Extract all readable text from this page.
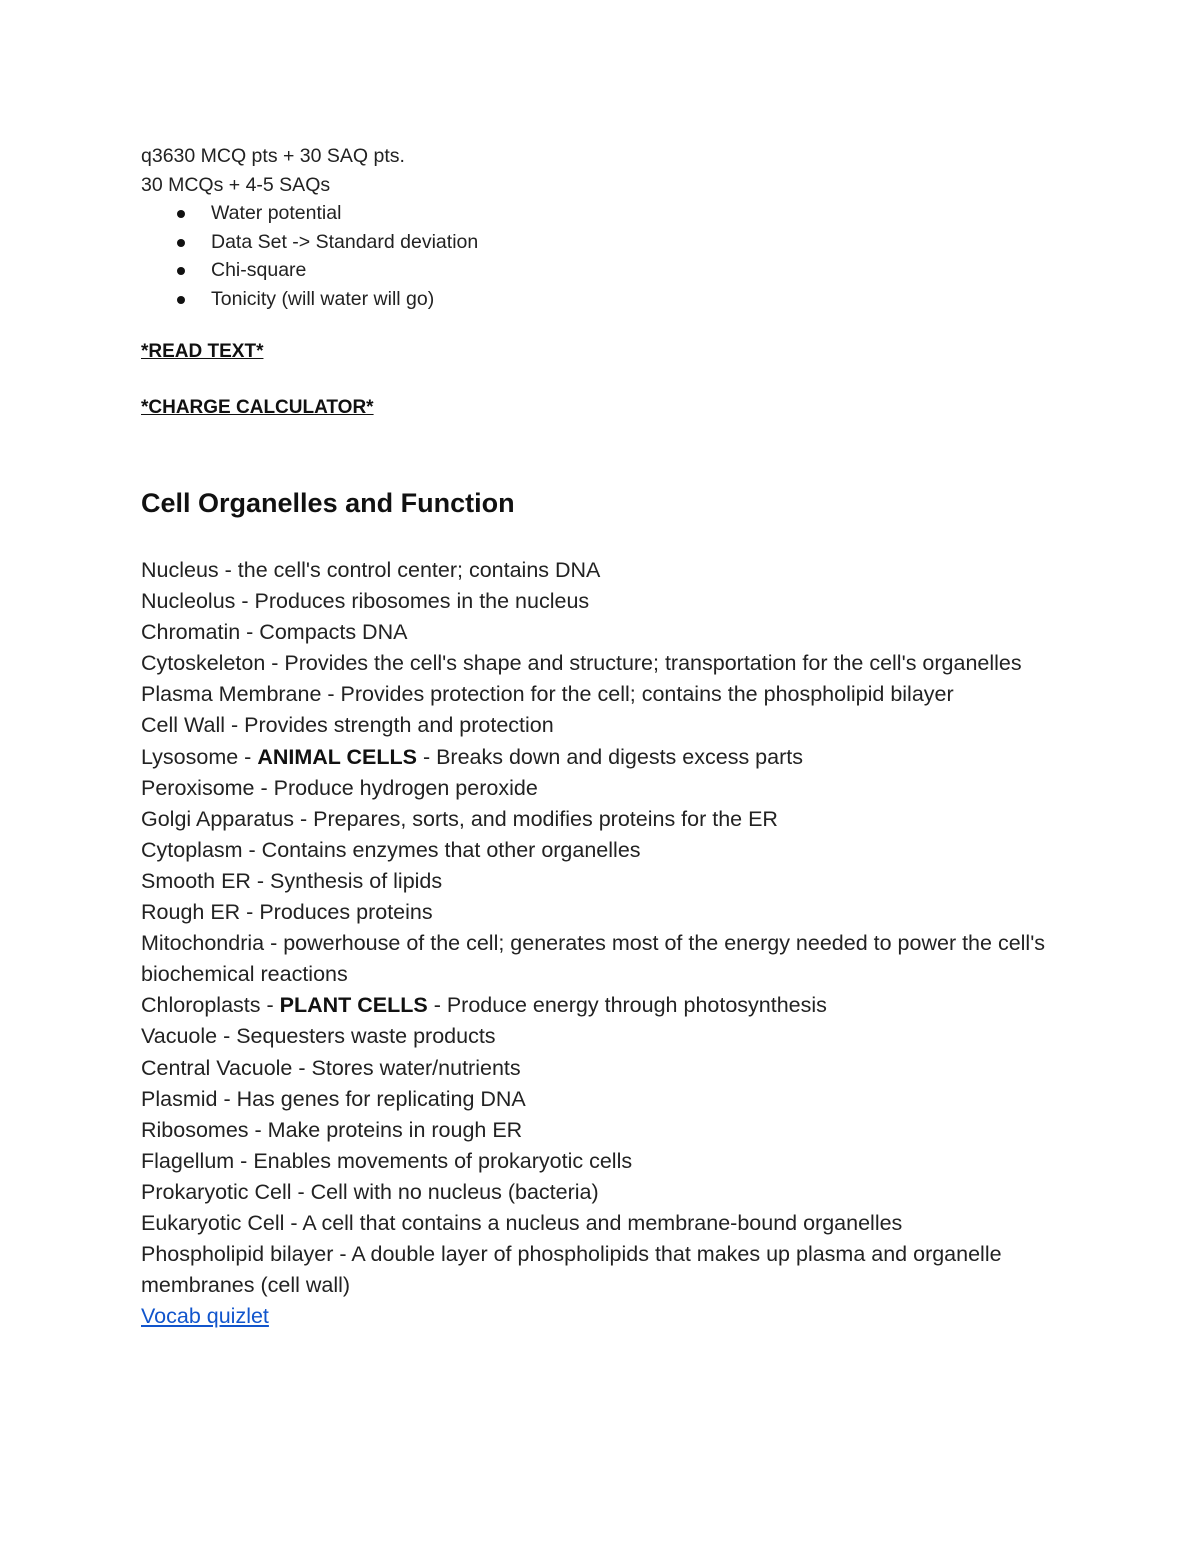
q3630 MCQ pts + 30 SAQ pts.

30 MCQs + 4-5 SAQs

Water potential
Data Set -> Standard deviation
Chi-square
Tonicity (will water will go)

*READ TEXT*

*CHARGE CALCULATOR*

Cell Organelles and Function

Nucleus - the cell's control center; contains DNA

Nucleolus - Produces ribosomes in the nucleus

Chromatin - Compacts DNA

Cytoskeleton - Provides the cell's shape and structure; transportation for the cell's organelles

Plasma Membrane - Provides protection for the cell; contains the phospholipid bilayer

Cell Wall - Provides strength and protection

Lysosome - ANIMAL CELLS - Breaks down and digests excess parts

Peroxisome - Produce hydrogen peroxide

Golgi Apparatus - Prepares, sorts, and modifies proteins for the ER

Cytoplasm - Contains enzymes that other organelles

Smooth ER - Synthesis of lipids

Rough ER - Produces proteins

Mitochondria - powerhouse of the cell; generates most of the energy needed to power the cell's biochemical reactions

Chloroplasts - PLANT CELLS - Produce energy through photosynthesis

Vacuole - Sequesters waste products

Central Vacuole - Stores water/nutrients

Plasmid - Has genes for replicating DNA

Ribosomes - Make proteins in rough ER

Flagellum - Enables movements of prokaryotic cells

Prokaryotic Cell - Cell with no nucleus (bacteria)

Eukaryotic Cell - A cell that contains a nucleus and membrane-bound organelles

Phospholipid bilayer - A double layer of phospholipids that makes up plasma and organelle membranes (cell wall)

Vocab quizlet
